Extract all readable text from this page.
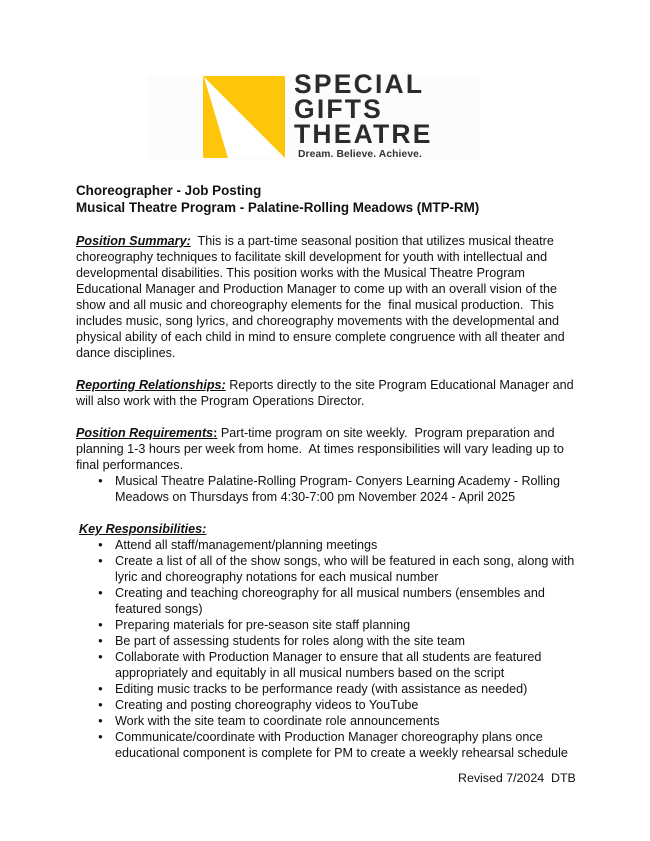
SPECIAL
GIFTS
THEATRE
Dream. Believe. Achieve.

Choreographer - Job Posting

Musical Theatre Program - Palatine-Rolling Meadows (MTP-RM)

Position Summary:  This is a part-time seasonal position that utilizes musical theatre choreography techniques to facilitate skill development for youth with intellectual and developmental disabilities. This position works with the Musical Theatre Program Educational Manager and Production Manager to come up with an overall vision of the show and all music and choreography elements for the  final musical production.  This includes music, song lyrics, and choreography movements with the developmental and physical ability of each child in mind to ensure complete congruence with all theater and dance disciplines.

Reporting Relationships: Reports directly to the site Program Educational Manager and will also work with the Program Operations Director.

Position Requirements: Part-time program on site weekly.  Program preparation and planning 1-3 hours per week from home.  At times responsibilities will vary leading up to final performances.

● Musical Theatre Palatine-Rolling Program- Conyers Learning Academy - Rolling Meadows on Thursdays from 4:30-7:00 pm November 2024 - April 2025

Key Responsibilities:

● Attend all staff/management/planning meetings
● Create a list of all of the show songs, who will be featured in each song, along with lyric and choreography notations for each musical number
● Creating and teaching choreography for all musical numbers (ensembles and featured songs)
● Preparing materials for pre-season site staff planning
● Be part of assessing students for roles along with the site team
● Collaborate with Production Manager to ensure that all students are featured appropriately and equitably in all musical numbers based on the script
● Editing music tracks to be performance ready (with assistance as needed)
● Creating and posting choreography videos to YouTube
● Work with the site team to coordinate role announcements
● Communicate/coordinate with Production Manager choreography plans once educational component is complete for PM to create a weekly rehearsal schedule
Revised 7/2024  DTB
